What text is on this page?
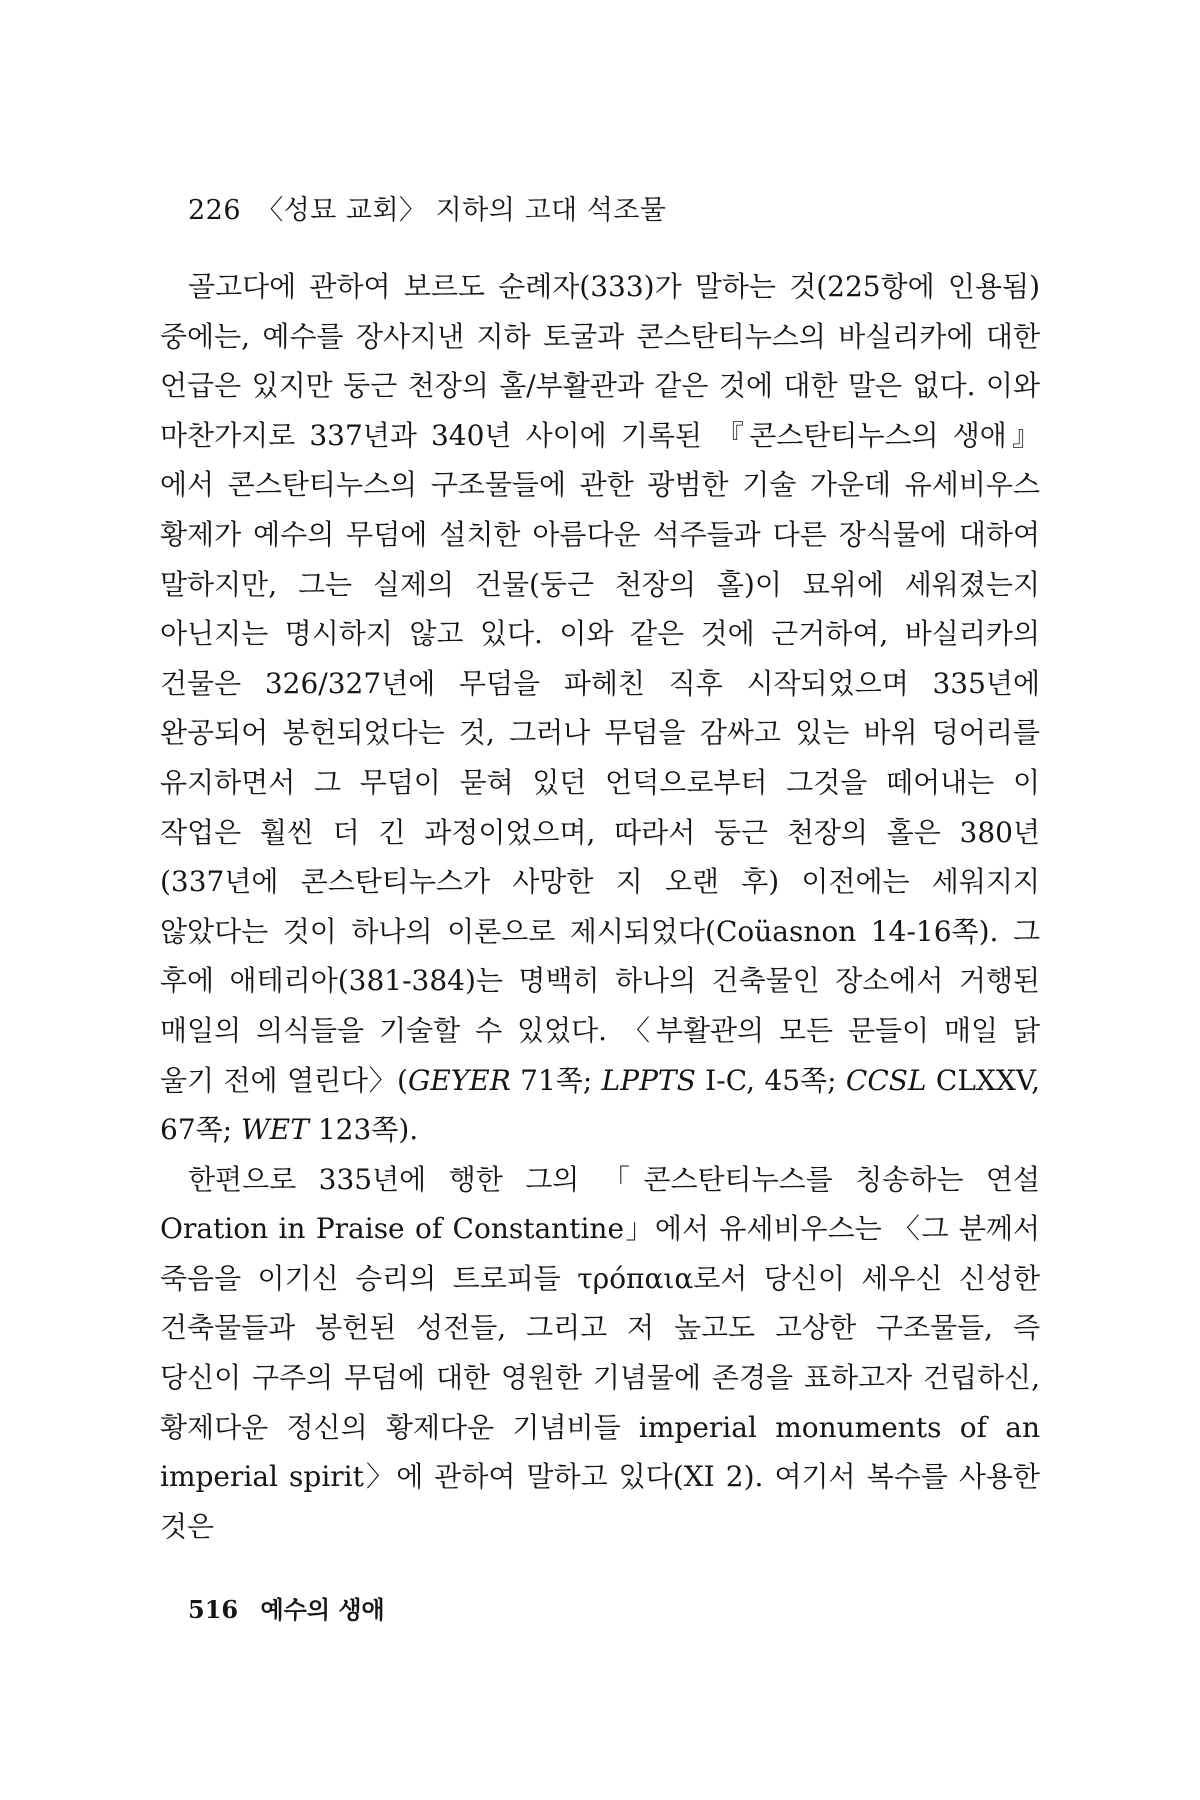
226 〈성묘 교회〉 지하의 고대 석조물

골고다에 관하여 보르도 순례자(333)가 말하는 것(225항에 인용됨) 중에는, 예수를 장사지낸 지하 토굴과 콘스탄티누스의 바실리카에 대한 언급은 있지만 둥근 천장의 홀/부활관과 같은 것에 대한 말은 없다. 이와 마찬가지로 337년과 340년 사이에 기록된 『콘스탄티누스의 생애』에서 콘스탄티누스의 구조물들에 관한 광범한 기술 가운데 유세비우스 황제가 예수의 무덤에 설치한 아름다운 석주들과 다른 장식물에 대하여 말하지만, 그는 실제의 건물(둥근 천장의 홀)이 묘위에 세워졌는지 아닌지는 명시하지 않고 있다. 이와 같은 것에 근거하여, 바실리카의 건물은 326/327년에 무덤을 파헤친 직후 시작되었으며 335년에 완공되어 봉헌되었다는 것, 그러나 무덤을 감싸고 있는 바위 덩어리를 유지하면서 그 무덤이 묻혀 있던 언덕으로부터 그것을 떼어내는 이 작업은 훨씬 더 긴 과정이었으며, 따라서 둥근 천장의 홀은 380년(337년에 콘스탄티누스가 사망한 지 오랜 후) 이전에는 세워지지 않았다는 것이 하나의 이론으로 제시되었다(Coüasnon 14-16쪽). 그 후에 애테리아(381-384)는 명백히 하나의 건축물인 장소에서 거행된 매일의 의식들을 기술할 수 있었다. 〈부활관의 모든 문들이 매일 닭 울기 전에 열린다〉(GEYER 71쪽; LPPTS I-C, 45쪽; CCSL CLXXV, 67쪽; WET 123쪽).

한편으로 335년에 행한 그의 「콘스탄티누스를 칭송하는 연설 Oration in Praise of Constantine」에서 유세비우스는 〈그 분께서 죽음을 이기신 승리의 트로피들 τρόπαια로서 당신이 세우신 신성한 건축물들과 봉헌된 성전들, 그리고 저 높고도 고상한 구조물들, 즉 당신이 구주의 무덤에 대한 영원한 기념물에 존경을 표하고자 건립하신, 황제다운 정신의 황제다운 기념비들 imperial monuments of an imperial spirit〉에 관하여 말하고 있다(XI 2). 여기서 복수를 사용한 것은

516 예수의 생애
